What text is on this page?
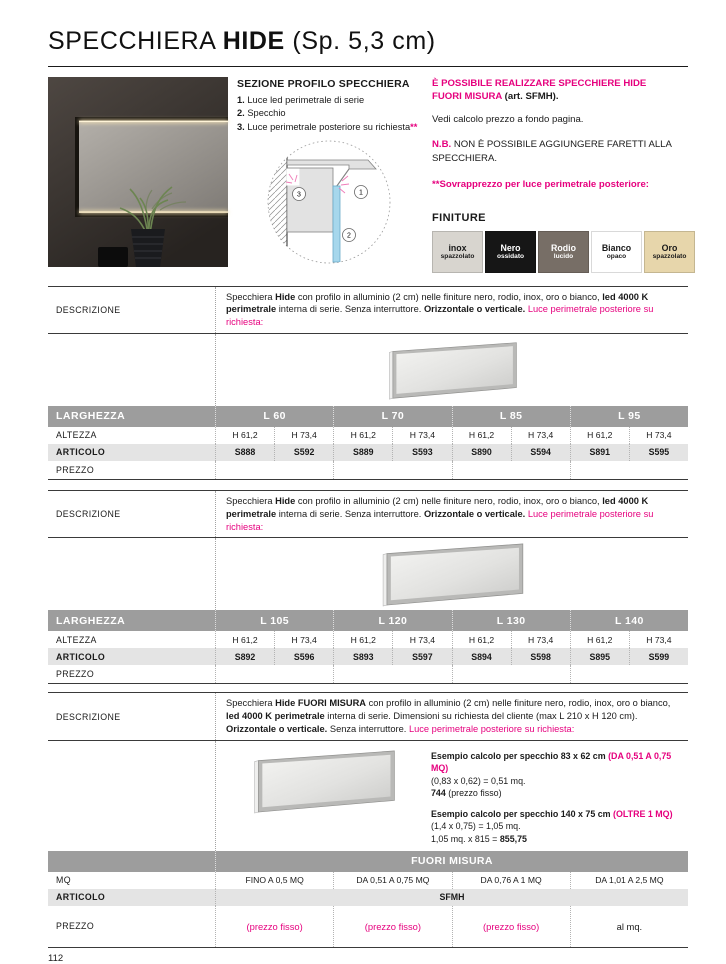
SPECCHIERA HIDE (Sp. 5,3 cm)
SEZIONE PROFILO SPECCHIERA
1. Luce led perimetrale di serie
2. Specchio
3. Luce perimetrale posteriore su richiesta**
1
2
3
È POSSIBILE REALIZZARE SPECCHIERE HIDE
FUORI MISURA (art. SFMH).
Vedi calcolo prezzo a fondo pagina.
N.B. NON È POSSIBILE AGGIUNGERE FARETTI ALLA SPECCHIERA.
**Sovrapprezzo per luce perimetrale posteriore:
FINITURE
inox
spazzolato
Nero
ossidato
Rodio
lucido
Bianco
opaco
Oro
spazzolato
DESCRIZIONE
Specchiera Hide con profilo in alluminio (2 cm) nelle finiture nero, rodio, inox, oro o bianco, led 4000 K perimetrale interna di serie. Senza interruttore. Orizzontale o verticale. Luce perimetrale posteriore su richiesta:
LARGHEZZA	L 60	L 70	L 85	L 95
ALTEZZA	H 61,2	H 73,4	H 61,2	H 73,4	H 61,2	H 73,4	H 61,2	H 73,4
ARTICOLO	S888	S592	S889	S593	S890	S594	S891	S595
PREZZO
DESCRIZIONE
Specchiera Hide con profilo in alluminio (2 cm) nelle finiture nero, rodio, inox, oro o bianco, led 4000 K perimetrale interna di serie. Senza interruttore. Orizzontale o verticale. Luce perimetrale posteriore su richiesta:
LARGHEZZA	L 105	L 120	L 130	L 140
ALTEZZA	H 61,2	H 73,4	H 61,2	H 73,4	H 61,2	H 73,4	H 61,2	H 73,4
ARTICOLO	S892	S596	S893	S597	S894	S598	S895	S599
PREZZO
DESCRIZIONE
Specchiera Hide FUORI MISURA con profilo in alluminio (2 cm) nelle finiture nero, rodio, inox, oro o bianco, led 4000 K perimetrale interna di serie. Dimensioni su richiesta del cliente (max L 210 x H 120 cm). Orizzontale o verticale. Senza interruttore. Luce perimetrale posteriore su richiesta:
Esempio calcolo per specchio 83 x 62 cm (DA 0,51 A 0,75 MQ)
(0,83 x 0,62) = 0,51 mq.
744 (prezzo fisso)
Esempio calcolo per specchio 140 x 75 cm (OLTRE 1 MQ)
(1,4 x 0,75) = 1,05 mq.
1,05 mq. x 815 = 855,75
FUORI MISURA
MQ	FINO A 0,5 MQ	DA 0,51 A 0,75 MQ	DA 0,76 A 1 MQ	DA 1,01 A 2,5 MQ
ARTICOLO	SFMH
PREZZO	(prezzo fisso)	(prezzo fisso)	(prezzo fisso)	al mq.
112
